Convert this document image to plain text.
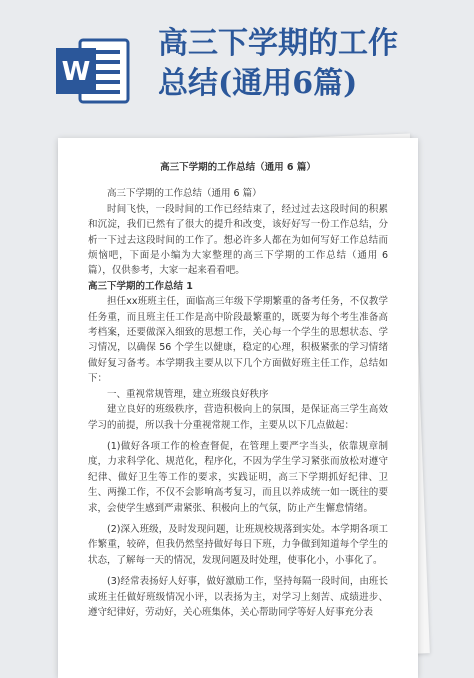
W
高三下学期的工作
总结(通用6篇)

高三下学期的工作总结（通用 6 篇）

高三下学期的工作总结（通用 6 篇）

时间飞快，一段时间的工作已经结束了，经过过去这段时间的积累和沉淀，我们已然有了很大的提升和改变，该好好写一份工作总结，分析一下过去这段时间的工作了。想必许多人都在为如何写好工作总结而烦恼吧，下面是小编为大家整理的高三下学期的工作总结（通用 6 篇），仅供参考，大家一起来看看吧。

高三下学期的工作总结 1

担任xx班班主任，面临高三年级下学期繁重的备考任务，不仅教学任务重，而且班主任工作是高中阶段最繁重的，既要为每个考生准备高考档案，还要做深入细致的思想工作，关心每一个学生的思想状态、学习情况，以确保 56 个学生以健康，稳定的心理，积极紧张的学习情绪做好复习备考。本学期我主要从以下几个方面做好班主任工作，总结如下：

一、重视常规管理，建立班级良好秩序

建立良好的班级秩序，营造积极向上的氛围，是保证高三学生高效学习的前提，所以我十分重视常规工作，主要从以下几点做起：

(1)做好各项工作的检查督促，在管理上要严字当头，依靠规章制度，力求科学化、规范化，程序化，不因为学生学习紧张而放松对遵守纪律、做好卫生等工作的要求，实践证明，高三下学期抓好纪律、卫生、两操工作，不仅不会影响高考复习，而且以养成统一如一既往的要求，会使学生感到严肃紧张、积极向上的气氛，防止产生懈怠情绪。

(2)深入班级，及时发现问题，让班规校规落到实处。本学期各项工作繁重，较碎，但我仍然坚持做好每日下班，力争做到知道每个学生的状态，了解每一天的情况，发现问题及时处理，使事化小，小事化了。

(3)经常表扬好人好事，做好激励工作，坚持每隔一段时间，由班长或班主任做好班级情况小评，以表扬为主，对学习上刻苦、成绩进步、遵守纪律好，劳动好，关心班集体，关心帮助同学等好人好事充分表
